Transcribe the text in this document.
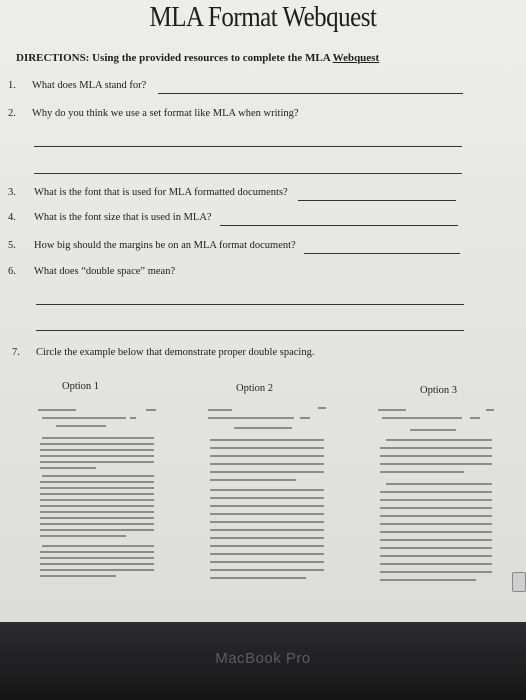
MLA Format Webquest
DIRECTIONS: Using the provided resources to complete the MLA Webquest
1. What does MLA stand for?
2. Why do you think we use a set format like MLA when writing?
3. What is the font that is used for MLA formatted documents?
4. What is the font size that is used in MLA?
5. How big should the margins be on an MLA format document?
6. What does “double space” mean?
7. Circle the example below that demonstrate proper double spacing.
Option 1	Option 2	Option 3
MacBook Pro
